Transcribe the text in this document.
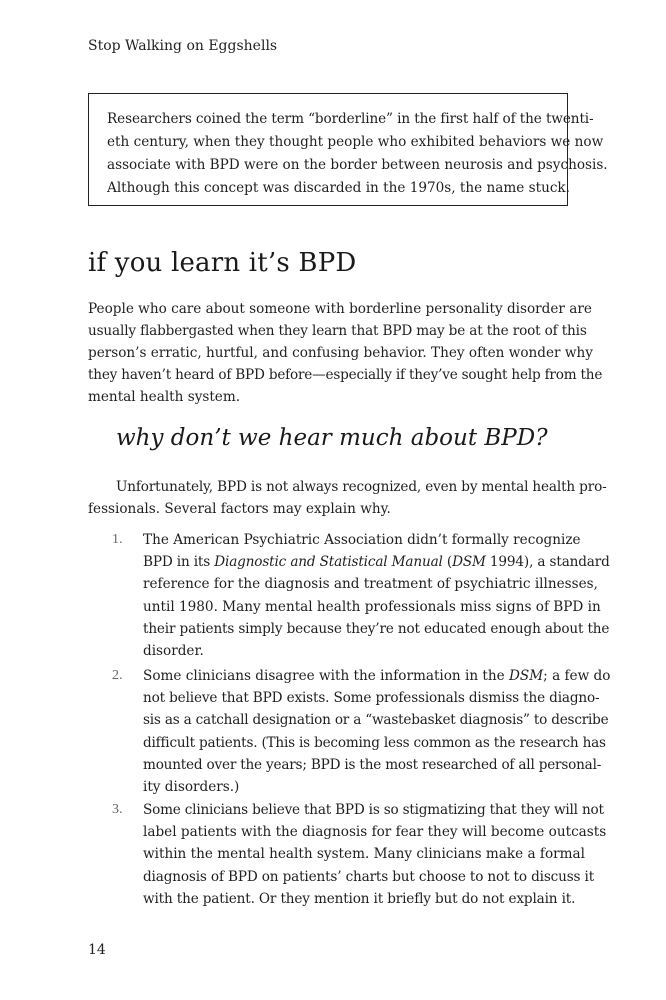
Stop Walking on Eggshells
Researchers coined the term “borderline” in the first half of the twenti-
eth century, when they thought people who exhibited behaviors we now
associate with BPD were on the border between neurosis and psychosis.
Although this concept was discarded in the 1970s, the name stuck.
if you learn it’s BPD
People who care about someone with borderline personality disorder are
usually flabbergasted when they learn that BPD may be at the root of this
person’s erratic, hurtful, and confusing behavior. They often wonder why
they haven’t heard of BPD before—especially if they’ve sought help from the
mental health system.
why don’t we hear much about BPD?
Unfortunately, BPD is not always recognized, even by mental health pro-
fessionals. Several factors may explain why.
1.	The American Psychiatric Association didn’t formally recognize
BPD in its Diagnostic and Statistical Manual (DSM 1994), a standard
reference for the diagnosis and treatment of psychiatric illnesses,
until 1980. Many mental health professionals miss signs of BPD in
their patients simply because they’re not educated enough about the
disorder.
2.	Some clinicians disagree with the information in the DSM; a few do
not believe that BPD exists. Some professionals dismiss the diagno-
sis as a catchall designation or a “wastebasket diagnosis” to describe
difficult patients. (This is becoming less common as the research has
mounted over the years; BPD is the most researched of all personal-
ity disorders.)
3.	Some clinicians believe that BPD is so stigmatizing that they will not
label patients with the diagnosis for fear they will become outcasts
within the mental health system. Many clinicians make a formal
diagnosis of BPD on patients’ charts but choose to not to discuss it
with the patient. Or they mention it briefly but do not explain it.
14
